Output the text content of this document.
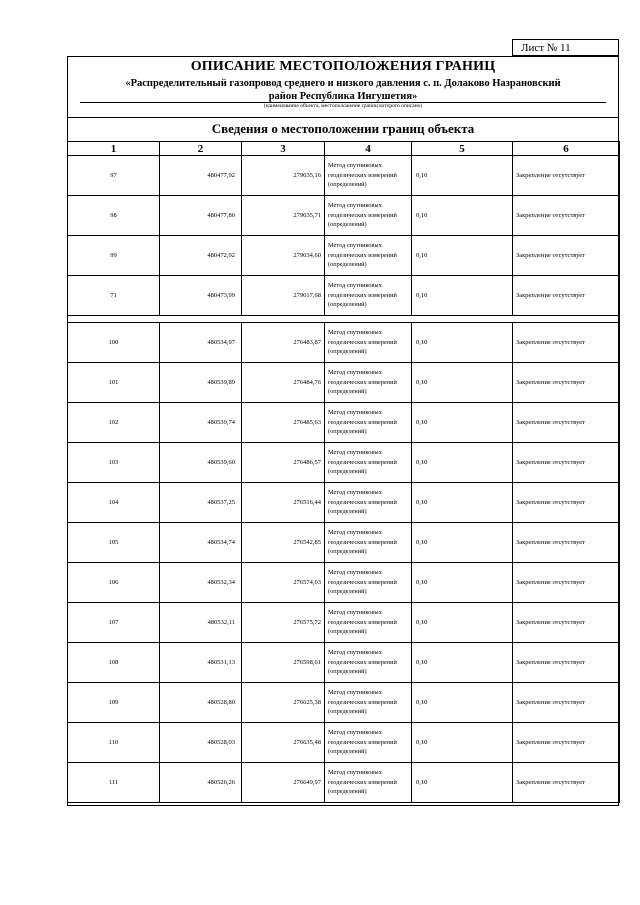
Лист № 11
ОПИСАНИЕ МЕСТОПОЛОЖЕНИЯ ГРАНИЦ
«Распределительный газопровод среднего и низкого давления с. п. Долаково Назрановский
район Республика Ингушетия»
(наименование объекта, местоположение границ которого описано)
Сведения о местоположении границ объекта
1	2	3	4	5	6
97	480477,92	279035,16	Метод спутниковых геодезических измерений (определений)	0,10	Закрепление отсутствует
98	480477,80	279035,71	Метод спутниковых геодезических измерений (определений)	0,10	Закрепление отсутствует
99	480472,92	279034,60	Метод спутниковых геодезических измерений (определений)	0,10	Закрепление отсутствует
71	480473,99	279017,68	Метод спутниковых геодезических измерений (определений)	0,10	Закрепление отсутствует

100	480534,97	276483,87	Метод спутниковых геодезических измерений (определений)	0,10	Закрепление отсутствует
101	480539,89	276484,76	Метод спутниковых геодезических измерений (определений)	0,10	Закрепление отсутствует
102	480539,74	276485,63	Метод спутниковых геодезических измерений (определений)	0,10	Закрепление отсутствует
103	480539,60	276486,57	Метод спутниковых геодезических измерений (определений)	0,10	Закрепление отсутствует
104	480537,25	276516,44	Метод спутниковых геодезических измерений (определений)	0,10	Закрепление отсутствует
105	480534,74	276542,85	Метод спутниковых геодезических измерений (определений)	0,10	Закрепление отсутствует
106	480532,34	276574,03	Метод спутниковых геодезических измерений (определений)	0,10	Закрепление отсутствует
107	480532,11	276575,72	Метод спутниковых геодезических измерений (определений)	0,10	Закрепление отсутствует
108	480531,13	276598,61	Метод спутниковых геодезических измерений (определений)	0,10	Закрепление отсутствует
109	480528,80	276625,38	Метод спутниковых геодезических измерений (определений)	0,10	Закрепление отсутствует
110	480528,03	276635,48	Метод спутниковых геодезических измерений (определений)	0,10	Закрепление отсутствует
111	480526,26	276649,97	Метод спутниковых геодезических измерений (определений)	0,10	Закрепление отсутствует
